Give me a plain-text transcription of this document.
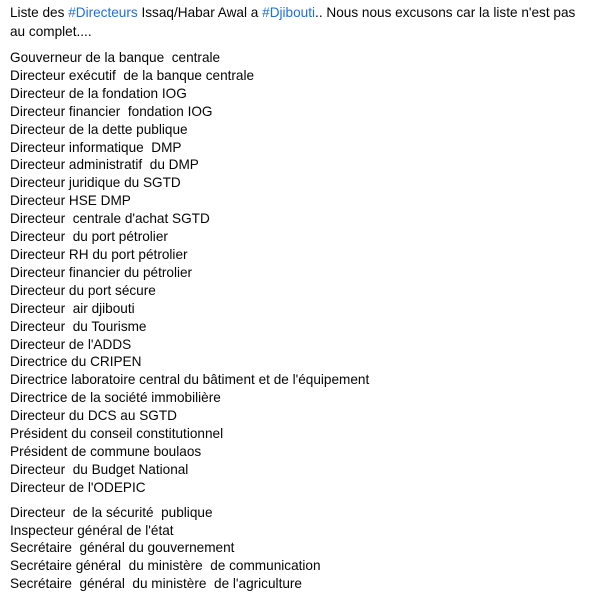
Liste des #Directeurs Issaq/Habar Awal a #Djibouti.. Nous nous excusons car la liste n'est pas au complet....

Gouverneur de la banque  centrale
Directeur exécutif  de la banque centrale
Directeur de la fondation IOG
Directeur financier  fondation IOG
Directeur de la dette publique
Directeur informatique  DMP
Directeur administratif  du DMP
Directeur juridique du SGTD
Directeur HSE DMP
Directeur  centrale d'achat SGTD
Directeur  du port pétrolier
Directeur RH du port pétrolier
Directeur financier du pétrolier
Directeur du port sécure
Directeur  air djibouti
Directeur  du Tourisme
Directeur de l'ADDS
Directrice du CRIPEN
Directrice laboratoire central du bâtiment et de l'équipement
Directrice de la société immobilière
Directeur du DCS au SGTD
Président du conseil constitutionnel
Président de commune boulaos
Directeur  du Budget National
Directeur de l'ODEPIC
Directeur  de la sécurité  publique
Inspecteur général de l'état
Secrétaire  général du gouvernement
Secrétaire général  du ministère  de communication
Secrétaire  général  du ministère  de l'agriculture
